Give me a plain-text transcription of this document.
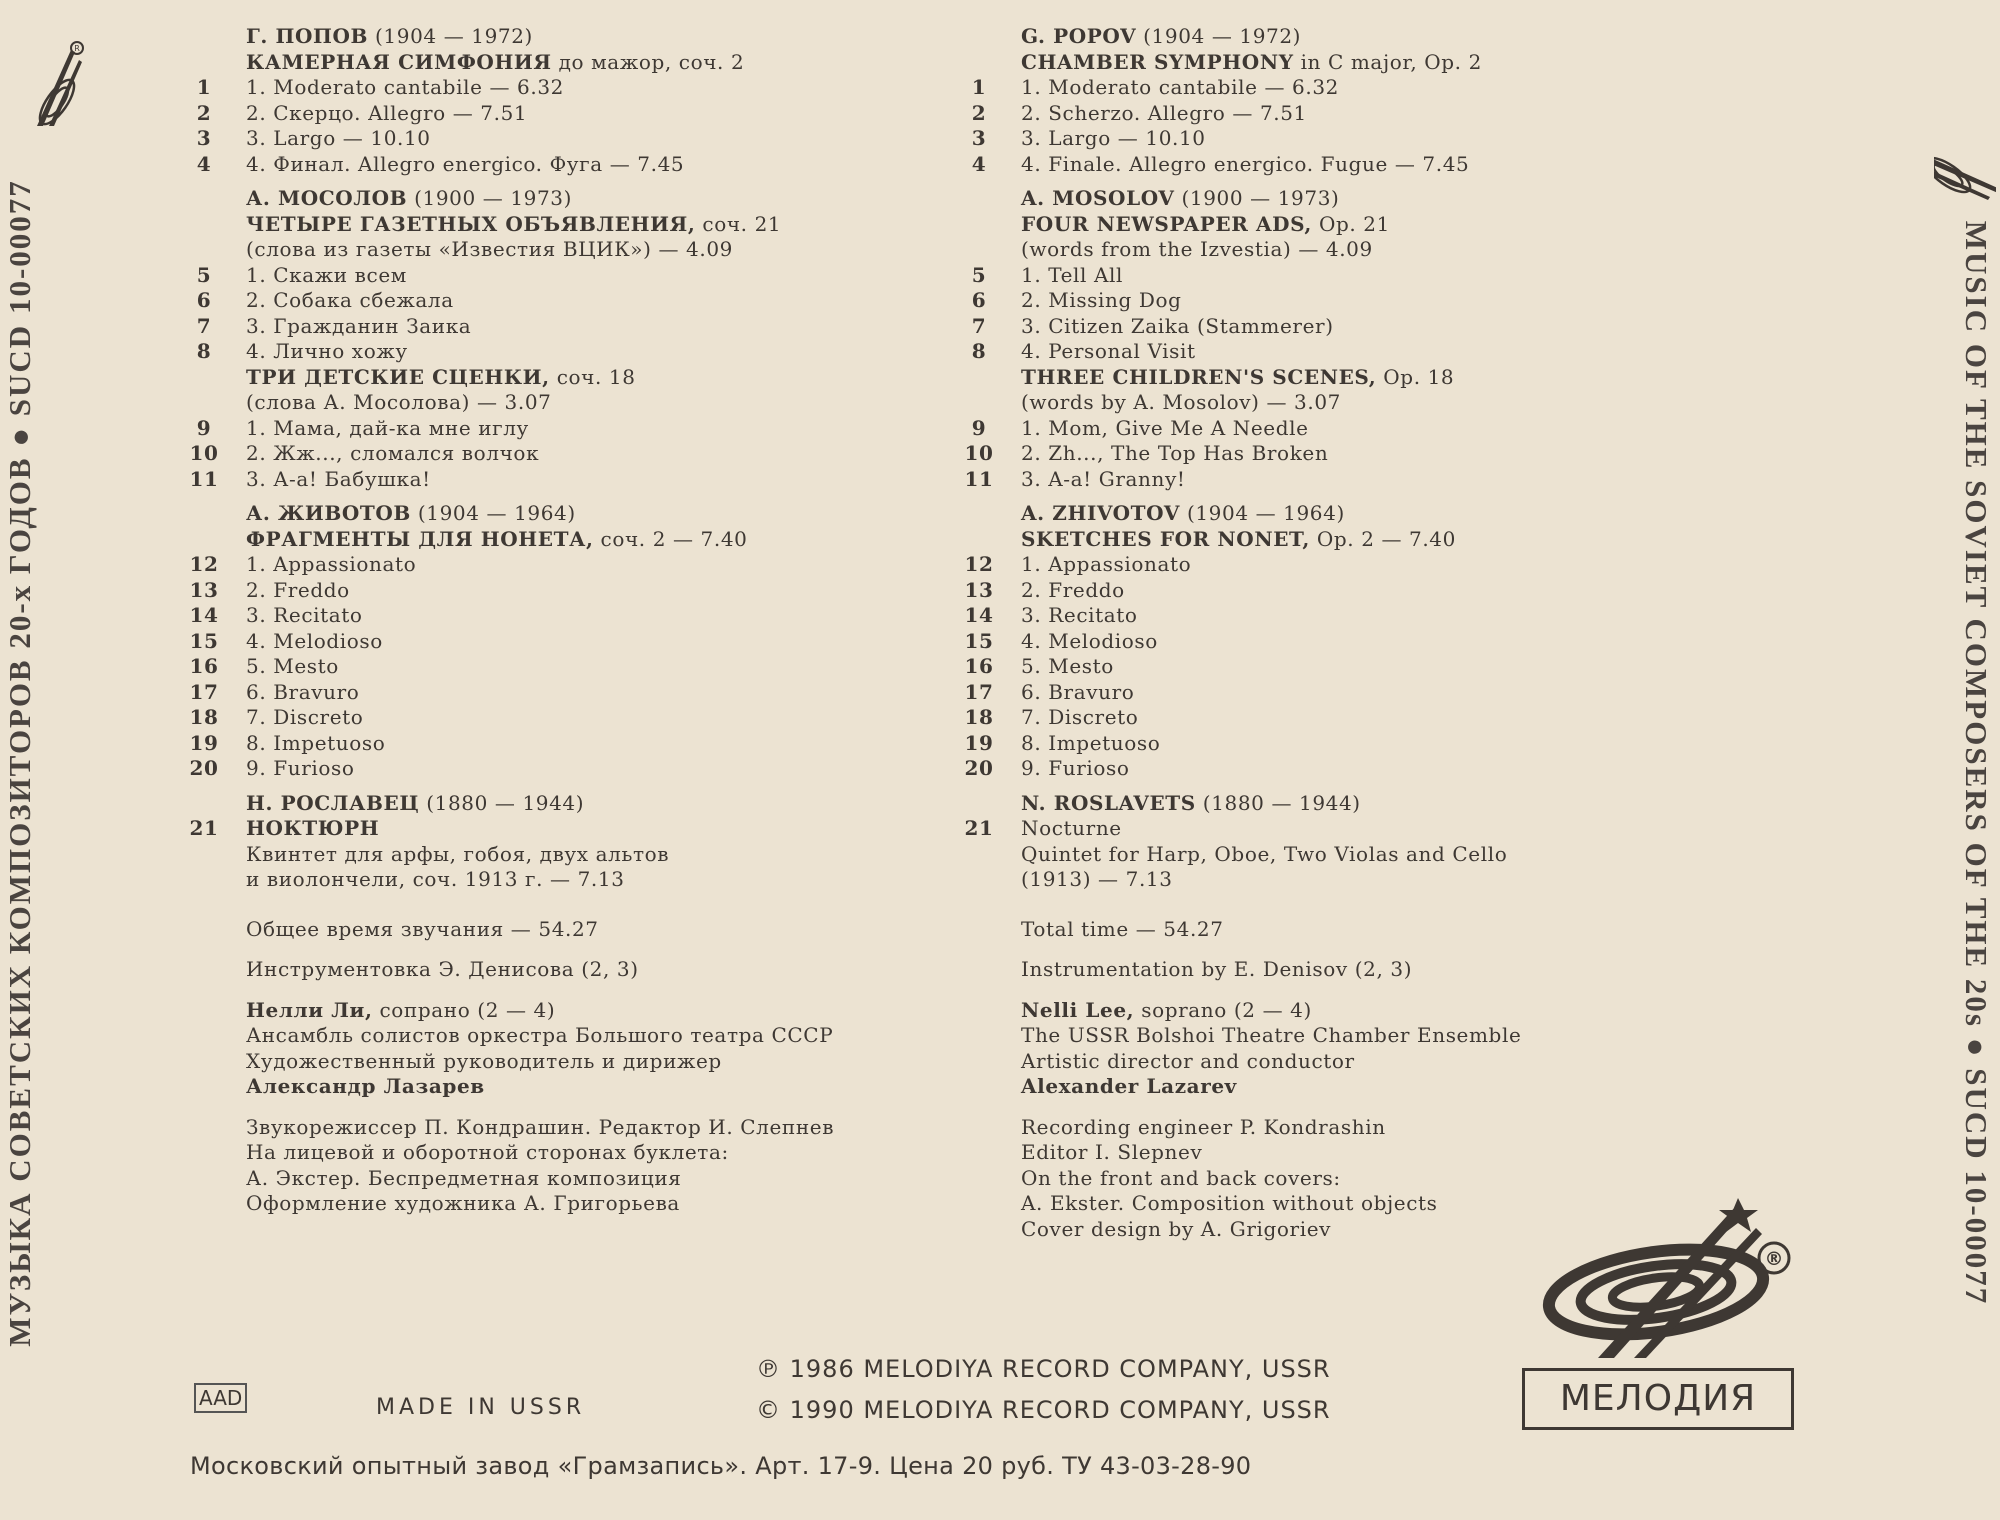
МУЗЫКА СОВЕТСКИХ КОМПОЗИТОРОВ 20-х ГОДОВ ● SUCD 10-00077	MUSIC OF THE SOVIET COMPOSERS OF THE 20s ● SUCD 10-00077
R
Г. ПОПОВ (1904 — 1972)
КАМЕРНАЯ СИМФОНИЯ до мажор, соч. 2
1	1. Moderato cantabile — 6.32
2	2. Скерцо. Allegro — 7.51
3	3. Largo — 10.10
4	4. Финал. Allegro energico. Фуга — 7.45
А. МОСОЛОВ (1900 — 1973)
ЧЕТЫРЕ ГАЗЕТНЫХ ОБЪЯВЛЕНИЯ, соч. 21
(слова из газеты «Известия ВЦИК») — 4.09
5	1. Скажи всем
6	2. Собака сбежала
7	3. Гражданин Заика
8	4. Лично хожу
ТРИ ДЕТСКИЕ СЦЕНКИ, соч. 18
(слова А. Мосолова) — 3.07
9	1. Мама, дай-ка мне иглу
10 2. Жж..., сломался волчок
11 3. А-а! Бабушка!
А. ЖИВОТОВ (1904 — 1964)
ФРАГМЕНТЫ ДЛЯ НОНЕТА, соч. 2 — 7.40
12 1. Appassionato
13 2. Freddo
14 3. Recitato
15 4. Melodioso
16 5. Mesto
17 6. Bravuro
18 7. Discreto
19 8. Impetuoso
20 9. Furioso
Н. РОСЛАВЕЦ (1880 — 1944)
21 НОКТЮРН
Квинтет для арфы, гобоя, двух альтов
и виолончели, соч. 1913 г. — 7.13
Общее время звучания — 54.27
Инструментовка Э. Денисова (2, 3)
Нелли Ли, сопрано (2 — 4)
Ансамбль солистов оркестра Большого театра СССР
Художественный руководитель и дирижер
Александр Лазарев
Звукорежиссер П. Кондрашин. Редактор И. Слепнев
На лицевой и оборотной сторонах буклета:
А. Экстер. Беспредметная композиция
Оформление художника А. Григорьева
G. POPOV (1904 — 1972)
CHAMBER SYMPHONY in C major, Op. 2
1	1. Moderato cantabile — 6.32
2	2. Scherzo. Allegro — 7.51
3	3. Largo — 10.10
4	4. Finale. Allegro energico. Fugue — 7.45
A. MOSOLOV (1900 — 1973)
FOUR NEWSPAPER ADS, Op. 21
(words from the Izvestia) — 4.09
5	1. Tell All
6	2. Missing Dog
7	3. Citizen Zaika (Stammerer)
8	4. Personal Visit
THREE CHILDREN'S SCENES, Op. 18
(words by A. Mosolov) — 3.07
9	1. Mom, Give Me A Needle
10 2. Zh..., The Top Has Broken
11 3. A-a! Granny!
A. ZHIVOTOV (1904 — 1964)
SKETCHES FOR NONET, Op. 2 — 7.40
12 1. Appassionato
13 2. Freddo
14 3. Recitato
15 4. Melodioso
16 5. Mesto
17 6. Bravuro
18 7. Discreto
19 8. Impetuoso
20 9. Furioso
N. ROSLAVETS (1880 — 1944)
21 Nocturne
Quintet for Harp, Oboe, Two Violas and Cello
(1913) — 7.13
Total time — 54.27
Instrumentation by E. Denisov (2, 3)
Nelli Lee, soprano (2 — 4)
The USSR Bolshoi Theatre Chamber Ensemble
Artistic director and conductor
Alexander Lazarev
Recording engineer P. Kondrashin
Editor I. Slepnev
On the front and back covers:
A. Ekster. Composition without objects
Cover design by A. Grigoriev
®
МЕЛОДИЯ
AAD	MADE IN USSR
℗ 1986 MELODIYA RECORD COMPANY, USSR
© 1990 MELODIYA RECORD COMPANY, USSR
Московский опытный завод «Грамзапись». Арт. 17-9. Цена 20 руб. ТУ 43-03-28-90
